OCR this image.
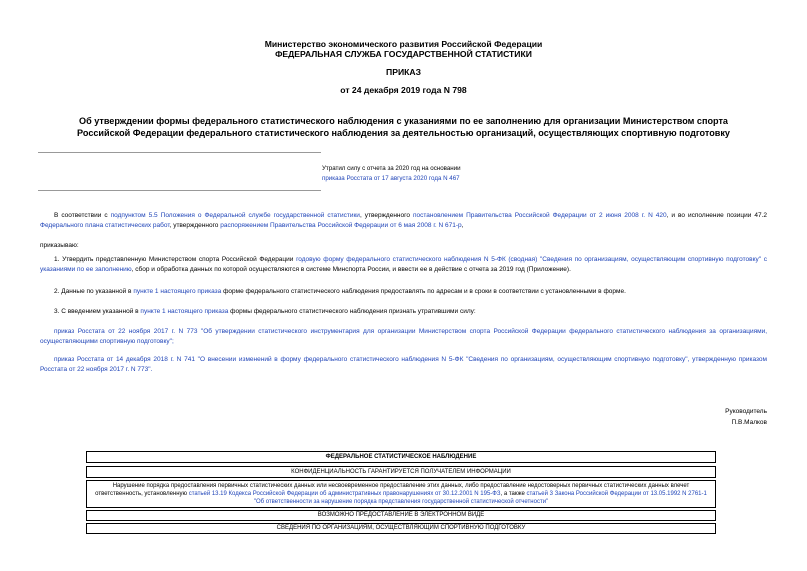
Министерство экономического развития Российской Федерации
ФЕДЕРАЛЬНАЯ СЛУЖБА ГОСУДАРСТВЕННОЙ СТАТИСТИКИ
ПРИКАЗ
от 24 декабря 2019 года N 798
Об утверждении формы федерального статистического наблюдения с указаниями по ее заполнению для организации Министерством спорта Российской Федерации федерального статистического наблюдения за деятельностью организаций, осуществляющих спортивную подготовку
Утратил силу с отчета за 2020 год на основании
приказа Росстата от 17 августа 2020 года N 467
В соответствии с подпунктом 5.5 Положения о Федеральной службе государственной статистики, утвержденного постановлением Правительства Российской Федерации от 2 июня 2008 г. N 420, и во исполнение позиции 47.2 Федерального плана статистических работ, утвержденного распоряжением Правительства Российской Федерации от 6 мая 2008 г. N 671-р,
приказываю:
1. Утвердить представленную Министерством спорта Российской Федерации годовую форму федерального статистического наблюдения N 5-ФК (сводная) "Сведения по организациям, осуществляющим спортивную подготовку" с указаниями по ее заполнению, сбор и обработка данных по которой осуществляются в системе Минспорта России, и ввести ее в действие с отчета за 2019 год (Приложение).
2. Данные по указанной в пункте 1 настоящего приказа форме федерального статистического наблюдения предоставлять по адресам и в сроки в соответствии с установленными в форме.
3. С введением указанной в пункте 1 настоящего приказа формы федерального статистического наблюдения признать утратившими силу:
приказ Росстата от 22 ноября 2017 г. N 773 "Об утверждении статистического инструментария для организации Министерством спорта Российской Федерации федерального статистического наблюдения за организациями, осуществляющими спортивную подготовку";
приказ Росстата от 14 декабря 2018 г. N 741 "О внесении изменений в форму федерального статистического наблюдения N 5-ФК "Сведения по организациям, осуществляющим спортивную подготовку", утвержденную приказом Росстата от 22 ноября 2017 г. N 773".
Руководитель
П.В.Малков
ФЕДЕРАЛЬНОЕ СТАТИСТИЧЕСКОЕ НАБЛЮДЕНИЕ
КОНФИДЕНЦИАЛЬНОСТЬ ГАРАНТИРУЕТСЯ ПОЛУЧАТЕЛЕМ ИНФОРМАЦИИ
Нарушение порядка предоставления первичных статистических данных или несвоевременное предоставление этих данных, либо предоставление недостоверных первичных статистических данных влечет ответственность, установленную статьей 13.19 Кодекса Российской Федерации об административных правонарушениях от 30.12.2001 N 195-ФЗ, а также статьей 3 Закона Российской Федерации от 13.05.1992 N 2761-1 "Об ответственности за нарушение порядка представления государственной статистической отчетности"
ВОЗМОЖНО ПРЕДОСТАВЛЕНИЕ В ЭЛЕКТРОННОМ ВИДЕ
СВЕДЕНИЯ ПО ОРГАНИЗАЦИЯМ, ОСУЩЕСТВЛЯЮЩИМ СПОРТИВНУЮ ПОДГОТОВКУ
